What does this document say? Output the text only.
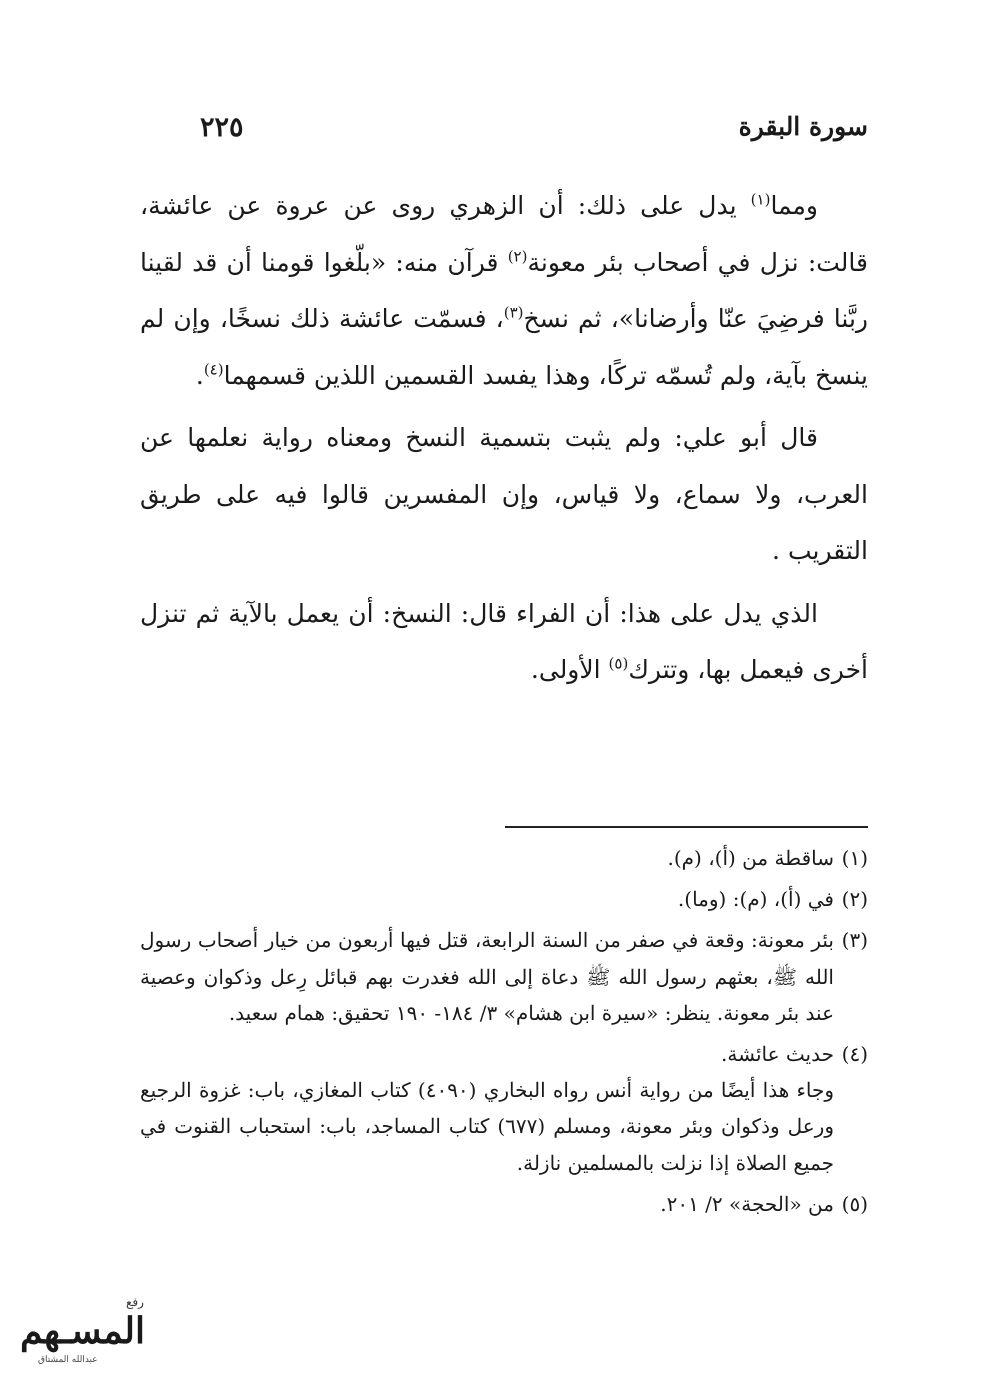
سورة البقرة
٢٢٥

ومما$^{(١)}$ يدل على ذلك: أن الزهري روى عن عروة عن عائشة، قالت: نزل في أصحاب بئر معونة$^{(٢)}$ قرآن منه: «بلّغوا قومنا أن قد لقينا ربَّنا فرضِيَ عنّا وأرضانا»، ثم نسخ$^{(٣)}$، فسمّت عائشة ذلك نسخًا، وإن لم ينسخ بآية، ولم تُسمّه تركًا، وهذا يفسد القسمين اللذين قسمهما$^{(٤)}$.

قال أبو علي: ولم يثبت بتسمية النسخ ومعناه رواية نعلمها عن العرب، ولا سماع، ولا قياس، وإن المفسرين قالوا فيه على طريق التقريب .

الذي يدل على هذا: أن الفراء قال: النسخ: أن يعمل بالآية ثم تنزل أخرى فيعمل بها، وتترك$^{(٥)}$ الأولى.

(١)
ساقطة من (أ)، (م).
(٢)
في (أ)، (م): (وما).
(٣)
بئر معونة: وقعة في صفر من السنة الرابعة، قتل فيها أربعون من خيار أصحاب رسول الله ﷺ، بعثهم رسول الله ﷺ دعاة إلى الله فغدرت بهم قبائل رِعل وذكوان وعصية عند بئر معونة. ينظر: «سيرة ابن هشام» ٣/ ١٨٤- ١٩٠ تحقيق: همام سعيد.
(٤)
حديث عائشة.
وجاء هذا أيضًا من رواية أنس رواه البخاري (٤٠٩٠) كتاب المغازي، باب: غزوة الرجيع ورعل وذكوان وبئر معونة، ومسلم (٦٧٧) كتاب المساجد، باب: استحباب القنوت في جميع الصلاة إذا نزلت بالمسلمين نازلة.
(٥)
من «الحجة» ٢/ ٢٠١.
رفع
المسـهم
عبدالله المشتاق
